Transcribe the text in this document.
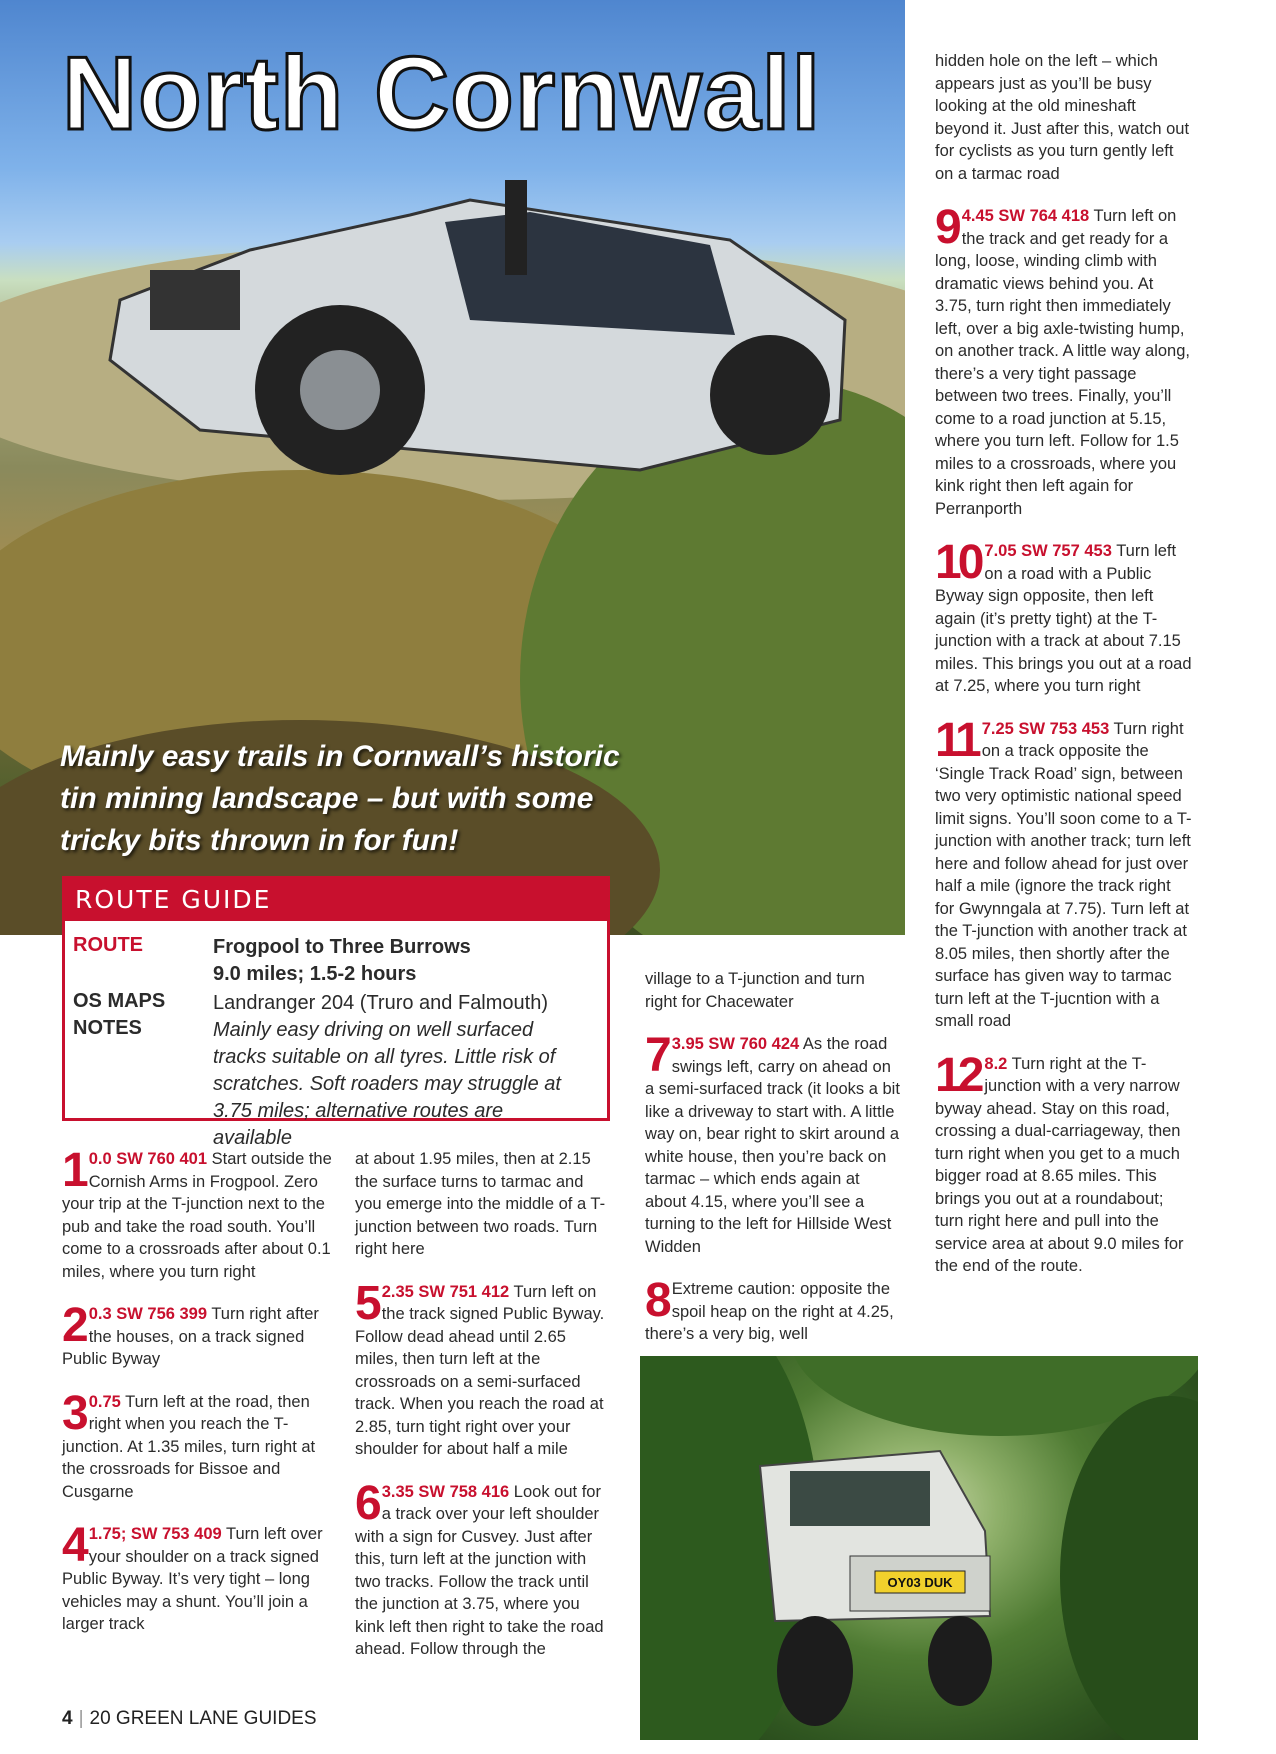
North Cornwall

Mainly easy trails in Cornwall’s historic tin mining landscape – but with some tricky bits thrown in for fun!

ROUTE GUIDE
ROUTE	Frogpool to Three Burrows
9.0 miles; 1.5-2 hours
OS MAPS Landranger 204 (Truro and Falmouth)
NOTES	Mainly easy driving on well surfaced tracks suitable on all tyres. Little risk of scratches. Soft roaders may struggle at 3.75 miles; alternative routes are available
1 0.0 SW 760 401 Start outside the Cornish Arms in Frogpool. Zero your trip at the T-junction next to the pub and take the road south. You’ll come to a crossroads after about 0.1 miles, where you turn right
2 0.3 SW 756 399 Turn right after the houses, on a track signed Public Byway
3 0.75 Turn left at the road, then right when you reach the T-junction. At 1.35 miles, turn right at the crossroads for Bissoe and Cusgarne
4 1.75; SW 753 409 Turn left over your shoulder on a track signed Public Byway. It’s very tight – long vehicles may a shunt. You’ll join a larger track
at about 1.95 miles, then at 2.15 the surface turns to tarmac and you emerge into the middle of a T-junction between two roads. Turn right here
5 2.35 SW 751 412 Turn left on the track signed Public Byway. Follow dead ahead until 2.65 miles, then turn left at the crossroads on a semi-surfaced track. When you reach the road at 2.85, turn tight right over your shoulder for about half a mile
6 3.35 SW 758 416 Look out for a track over your left shoulder with a sign for Cusvey. Just after this, turn left at the junction with two tracks. Follow the track until the junction at 3.75, where you kink left then right to take the road ahead. Follow through the
village to a T-junction and turn right for Chacewater
7 3.95 SW 760 424 As the road swings left, carry on ahead on a semi-surfaced track (it looks a bit like a driveway to start with. A little way on, bear right to skirt around a white house, then you’re back on tarmac – which ends again at about 4.15, where you’ll see a turning to the left for Hillside West Widden
8 Extreme caution: opposite the spoil heap on the right at 4.25, there’s a very big, well
hidden hole on the left – which appears just as you’ll be busy looking at the old mineshaft beyond it. Just after this, watch out for cyclists as you turn gently left on a tarmac road
9 4.45 SW 764 418 Turn left on the track and get ready for a long, loose, winding climb with dramatic views behind you. At 3.75, turn right then immediately left, over a big axle-twisting hump, on another track. A little way along, there’s a very tight passage between two trees. Finally, you’ll come to a road junction at 5.15, where you turn left. Follow for 1.5 miles to a crossroads, where you kink right then left again for Perranporth
10 7.05 SW 757 453 Turn left on a road with a Public Byway sign opposite, then left again (it’s pretty tight) at the T-junction with a track at about 7.15 miles. This brings you out at a road at 7.25, where you turn right
11 7.25 SW 753 453 Turn right on a track opposite the ‘Single Track Road’ sign, between two very optimistic national speed limit signs. You’ll soon come to a T-junction with another track; turn left here and follow ahead for just over half a mile (ignore the track right for Gwynngala at 7.75). Turn left at the T-junction with another track at 8.05 miles, then shortly after the surface has given way to tarmac turn left at the T-jucntion with a small road
12 8.2 Turn right at the T-junction with a very narrow byway ahead. Stay on this road, crossing a dual-carriageway, then turn right when you get to a much bigger road at 8.65 miles. This brings you out at a roundabout; turn right here and pull into the service area at about 9.0 miles for the end of the route.
OY03 DUK
4 | 20 GREEN LANE GUIDES
